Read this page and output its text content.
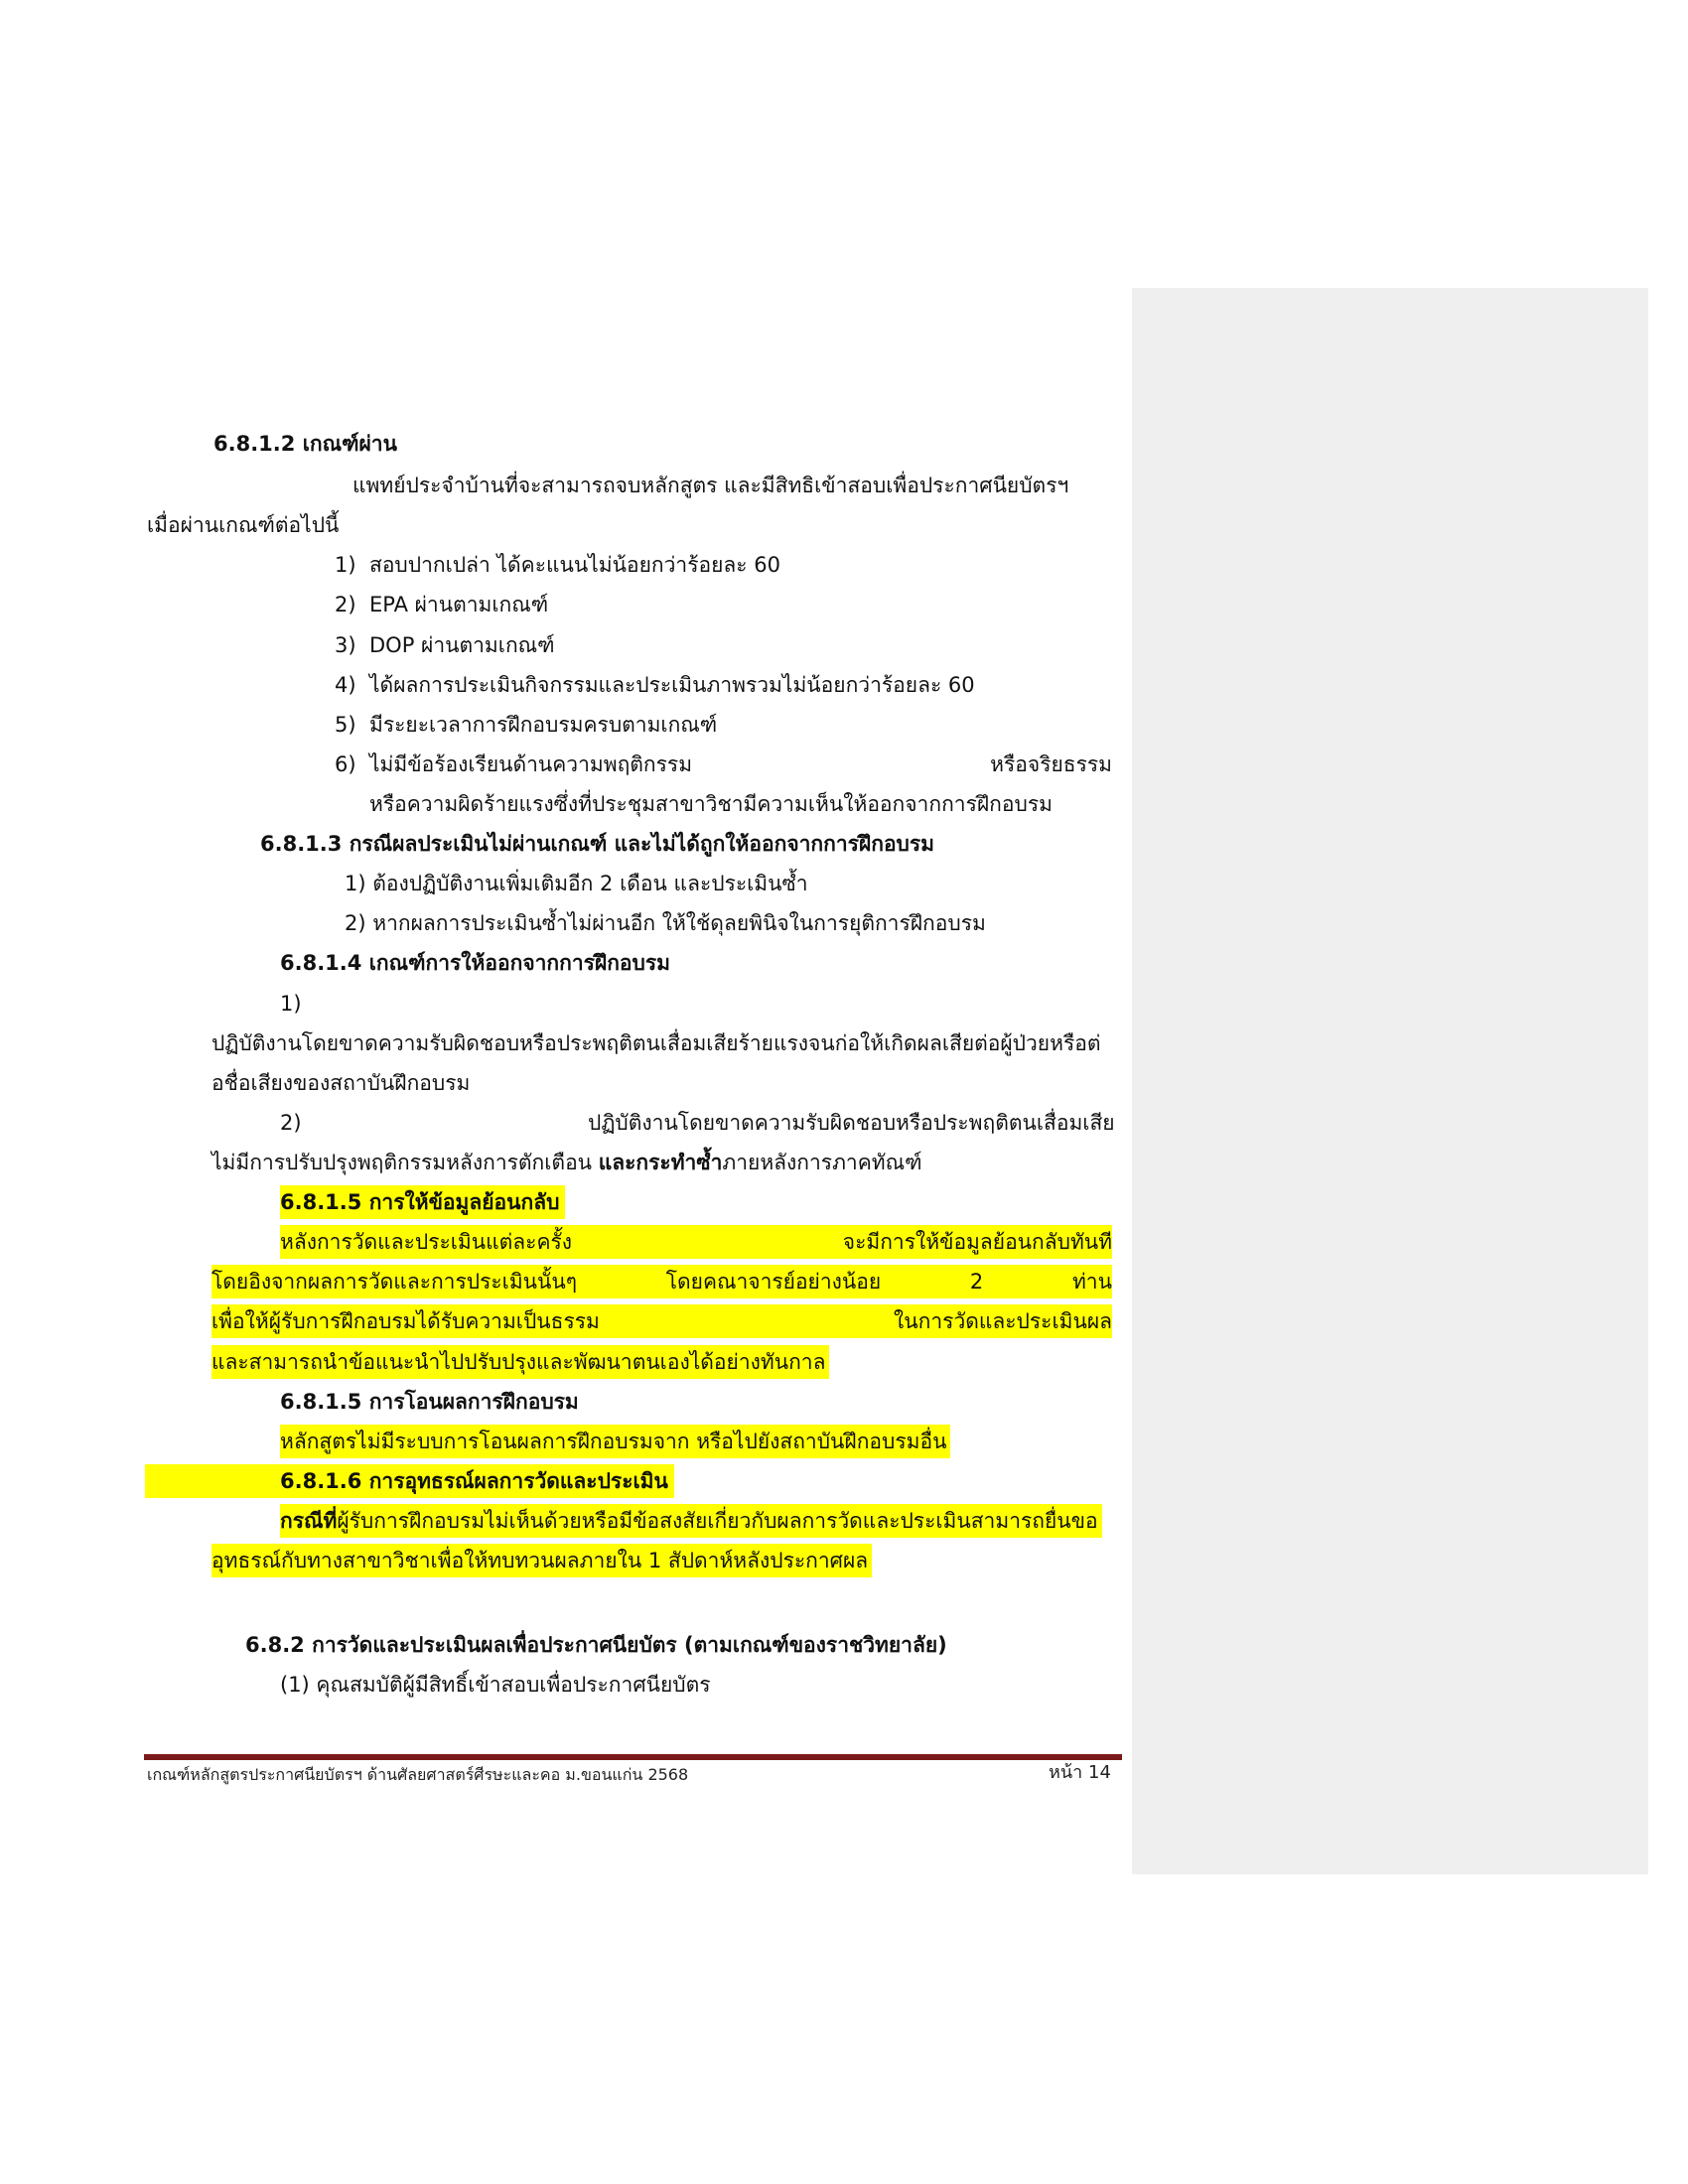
6.8.1.2 เกณฑ์ผ่าน
แพทย์ประจำบ้านที่จะสามารถจบหลักสูตร และมีสิทธิเข้าสอบเพื่อประกาศนียบัตรฯ
เมื่อผ่านเกณฑ์ต่อไปนี้
1) สอบปากเปล่า ได้คะแนนไม่น้อยกว่าร้อยละ 60
2) EPA ผ่านตามเกณฑ์
3) DOP ผ่านตามเกณฑ์
4) ได้ผลการประเมินกิจกรรมและประเมินภาพรวมไม่น้อยกว่าร้อยละ 60
5) มีระยะเวลาการฝึกอบรมครบตามเกณฑ์
6) ไม่มีข้อร้องเรียนด้านความพฤติกรรม	หรือจริยธรรม
หรือความผิดร้ายแรงซึ่งที่ประชุมสาขาวิชามีความเห็นให้ออกจากการฝึกอบรม
6.8.1.3 กรณีผลประเมินไม่ผ่านเกณฑ์ และไม่ได้ถูกให้ออกจากการฝึกอบรม
1) ต้องปฏิบัติงานเพิ่มเติมอีก 2 เดือน และประเมินซ้ำ
2) หากผลการประเมินซ้ำไม่ผ่านอีก ให้ใช้ดุลยพินิจในการยุติการฝึกอบรม
6.8.1.4 เกณฑ์การให้ออกจากการฝึกอบรม
1)
ปฏิบัติงานโดยขาดความรับผิดชอบหรือประพฤติตนเสื่อมเสียร้ายแรงจนก่อให้เกิดผลเสียต่อผู้ป่วยหรือต่
อชื่อเสียงของสถาบันฝึกอบรม
2)	ปฏิบัติงานโดยขาดความรับผิดชอบหรือประพฤติตนเสื่อมเสีย
ไม่มีการปรับปรุงพฤติกรรมหลังการตักเตือน และกระทำซ้ำภายหลังการภาคทัณฑ์
6.8.1.5 การให้ข้อมูลย้อนกลับ
หลังการวัดและประเมินแต่ละครั้ง	จะมีการให้ข้อมูลย้อนกลับทันที
โดยอิงจากผลการวัดและการประเมินนั้นๆ	โดยคณาจารย์อย่างน้อย	2	ท่าน
เพื่อให้ผู้รับการฝึกอบรมได้รับความเป็นธรรม	ในการวัดและประเมินผล
และสามารถนำข้อแนะนำไปปรับปรุงและพัฒนาตนเองได้อย่างทันกาล
6.8.1.5 การโอนผลการฝึกอบรม
หลักสูตรไม่มีระบบการโอนผลการฝึกอบรมจาก หรือไปยังสถาบันฝึกอบรมอื่น
6.8.1.6 การอุทธรณ์ผลการวัดและประเมิน
กรณีที่ผู้รับการฝึกอบรมไม่เห็นด้วยหรือมีข้อสงสัยเกี่ยวกับผลการวัดและประเมินสามารถยื่นขอ
อุทธรณ์กับทางสาขาวิชาเพื่อให้ทบทวนผลภายใน 1 สัปดาห์หลังประกาศผล
6.8.2 การวัดและประเมินผลเพื่อประกาศนียบัตร (ตามเกณฑ์ของราชวิทยาลัย)
(1) คุณสมบัติผู้มีสิทธิ์เข้าสอบเพื่อประกาศนียบัตร
เกณฑ์หลักสูตรประกาศนียบัตรฯ ด้านศัลยศาสตร์ศีรษะและคอ ม.ขอนแก่น 2568	หน้า 14
